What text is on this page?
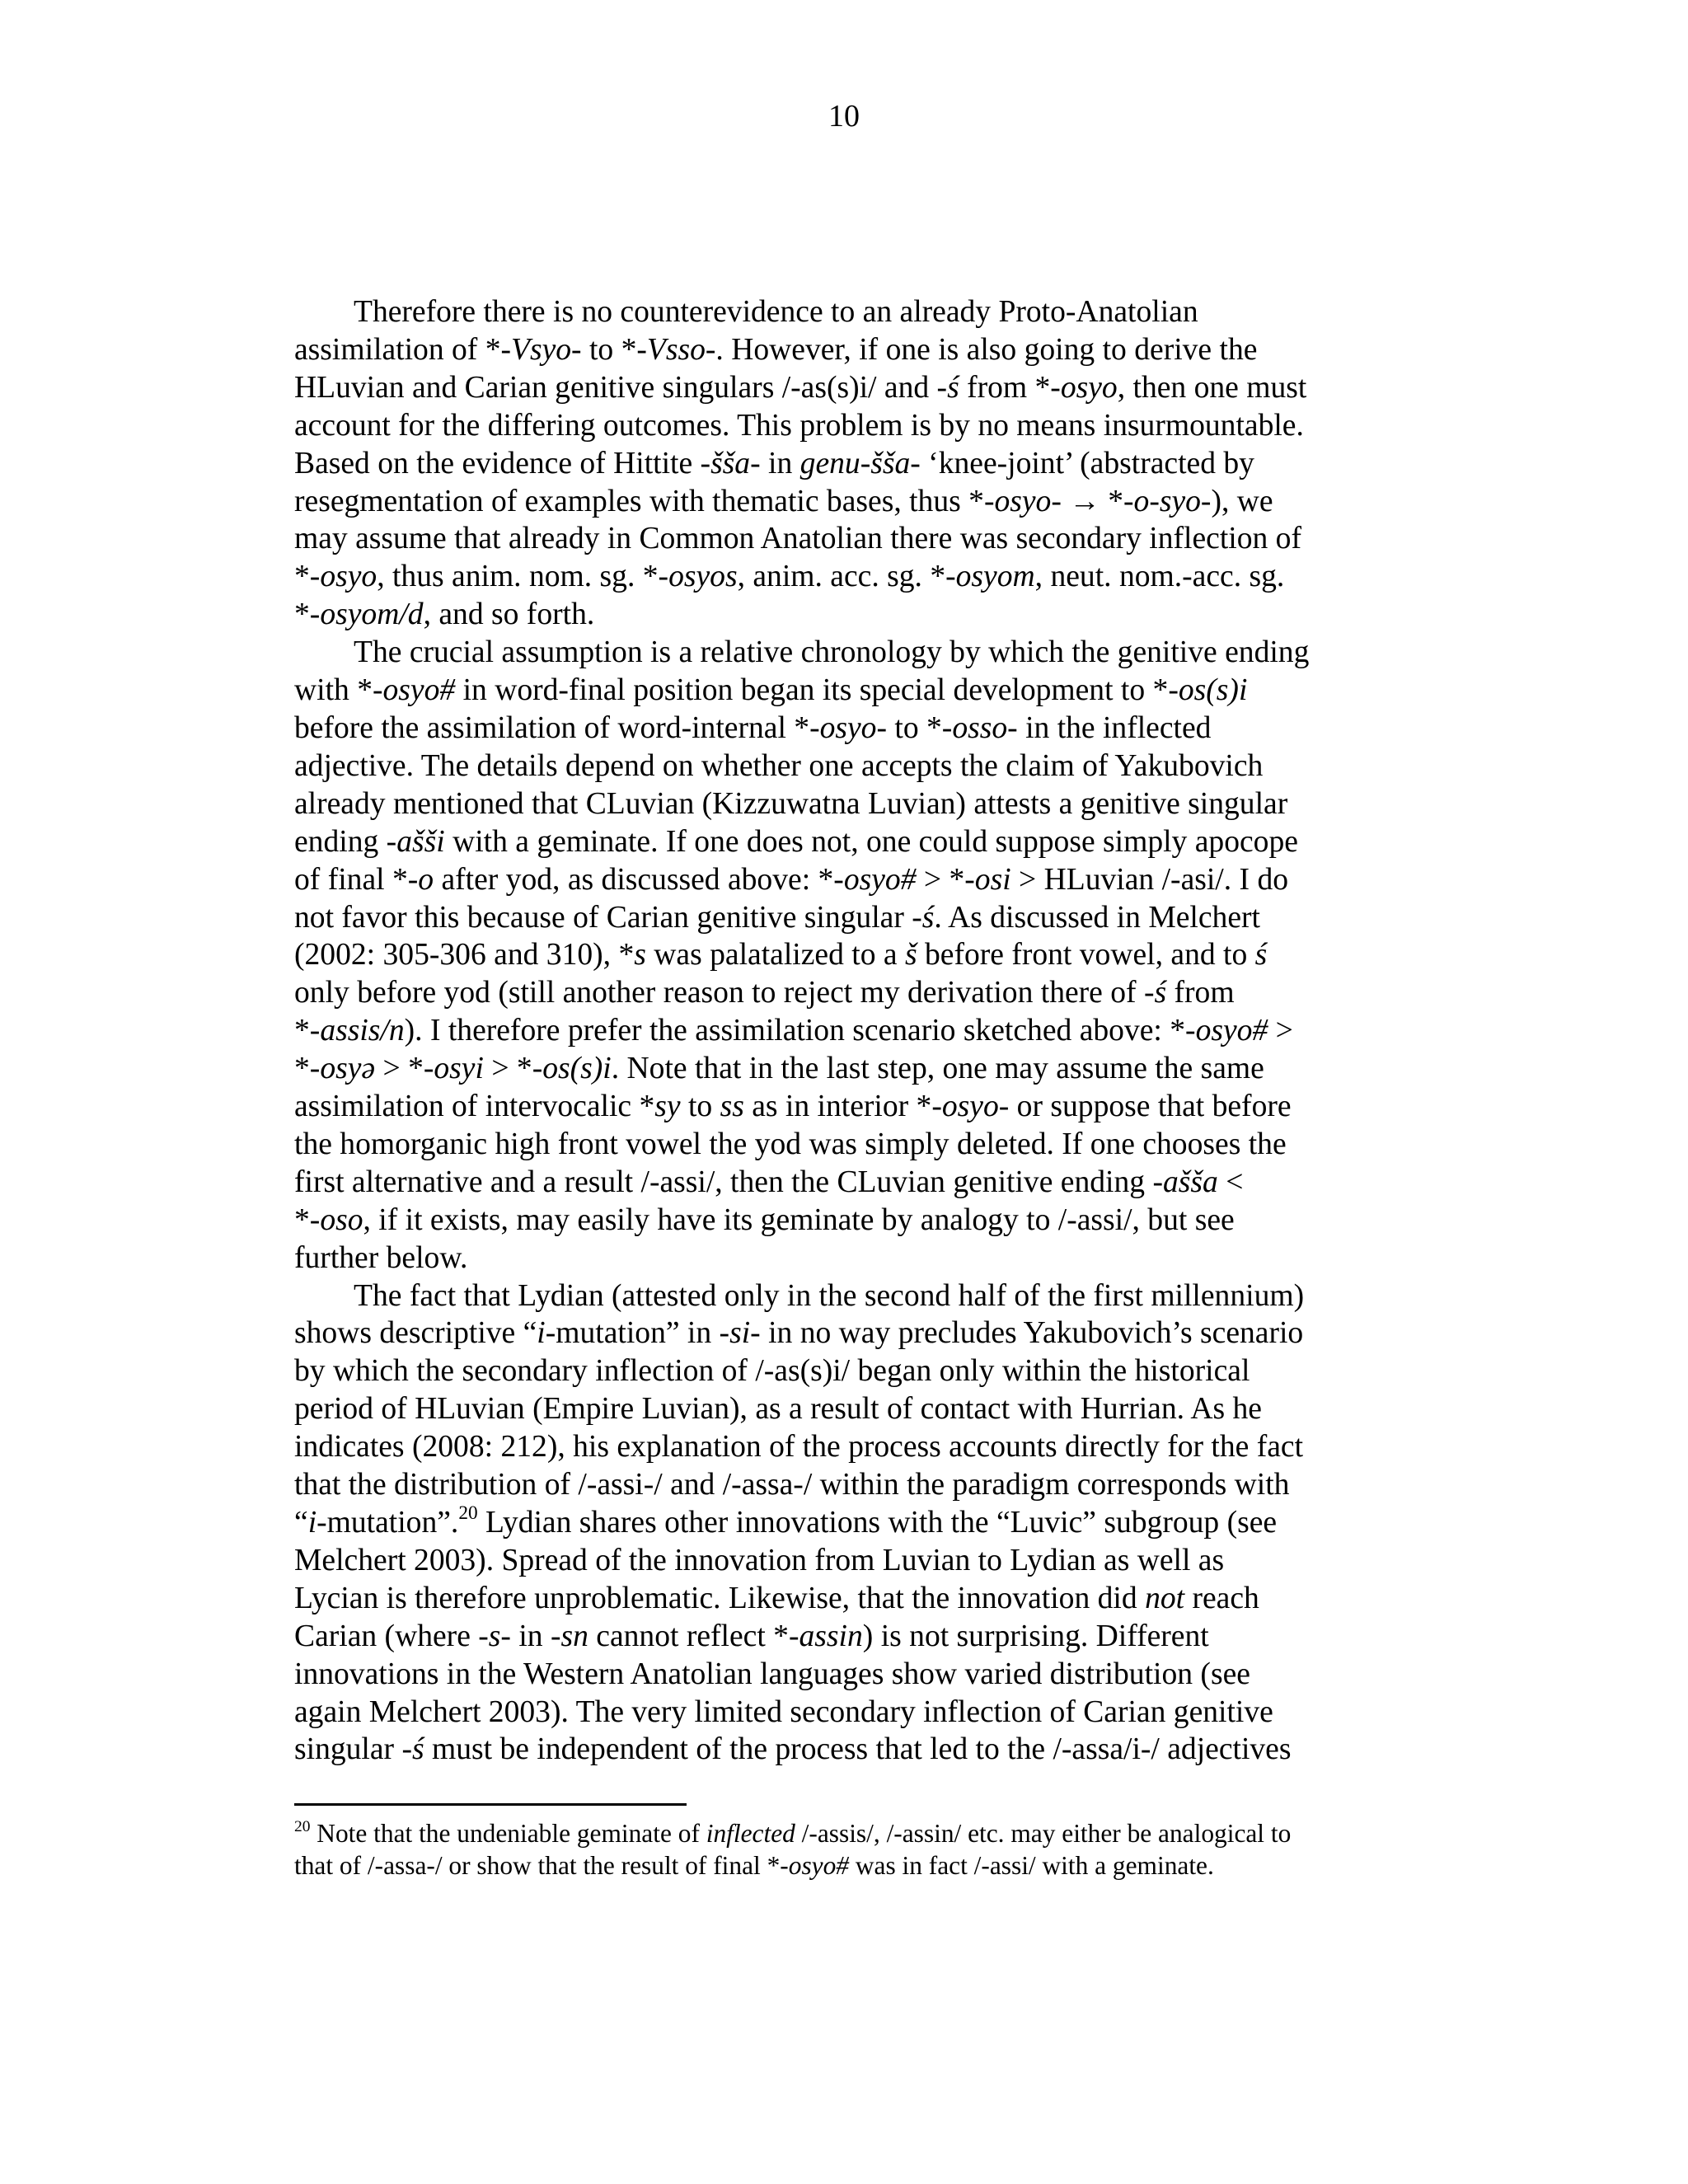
10
Therefore there is no counterevidence to an already Proto-Anatolian
assimilation of *-Vsyo- to *-Vsso-. However, if one is also going to derive the
HLuvian and Carian genitive singulars /-as(s)i/ and -ś from *-osyo, then one must
account for the differing outcomes. This problem is by no means insurmountable.
Based on the evidence of Hittite -šša- in genu-šša- ‘knee-joint’ (abstracted by
resegmentation of examples with thematic bases, thus *-osyo- → *-o-syo-), we
may assume that already in Common Anatolian there was secondary inflection of
*-osyo, thus anim. nom. sg. *-osyos, anim. acc. sg. *-osyom, neut. nom.-acc. sg.
*-osyom/d, and so forth.
The crucial assumption is a relative chronology by which the genitive ending
with *-osyo# in word-final position began its special development to *-os(s)i
before the assimilation of word-internal *-osyo- to *-osso- in the inflected
adjective. The details depend on whether one accepts the claim of Yakubovich
already mentioned that CLuvian (Kizzuwatna Luvian) attests a genitive singular
ending -ašši with a geminate. If one does not, one could suppose simply apocope
of final *-o after yod, as discussed above: *-osyo# > *-osi > HLuvian /-asi/. I do
not favor this because of Carian genitive singular -ś. As discussed in Melchert
(2002: 305-306 and 310), *s was palatalized to a š before front vowel, and to ś
only before yod (still another reason to reject my derivation there of -ś from
*-assis/n). I therefore prefer the assimilation scenario sketched above: *-osyo# >
*-osyə > *-osyi > *-os(s)i. Note that in the last step, one may assume the same
assimilation of intervocalic *sy to ss as in interior *-osyo- or suppose that before
the homorganic high front vowel the yod was simply deleted. If one chooses the
first alternative and a result /-assi/, then the CLuvian genitive ending -ašša <
*-oso, if it exists, may easily have its geminate by analogy to /-assi/, but see
further below.
The fact that Lydian (attested only in the second half of the first millennium)
shows descriptive “i-mutation” in -si- in no way precludes Yakubovich’s scenario
by which the secondary inflection of /-as(s)i/ began only within the historical
period of HLuvian (Empire Luvian), as a result of contact with Hurrian. As he
indicates (2008: 212), his explanation of the process accounts directly for the fact
that the distribution of /-assi-/ and /-assa-/ within the paradigm corresponds with
“i-mutation”.$^{20}$ Lydian shares other innovations with the “Luvic” subgroup (see
Melchert 2003). Spread of the innovation from Luvian to Lydian as well as
Lycian is therefore unproblematic. Likewise, that the innovation did not reach
Carian (where -s- in -sn cannot reflect *-assin) is not surprising. Different
innovations in the Western Anatolian languages show varied distribution (see
again Melchert 2003). The very limited secondary inflection of Carian genitive
singular -ś must be independent of the process that led to the /-assa/i-/ adjectives
$^{20}$ Note that the undeniable geminate of inflected /-assis/, /-assin/ etc. may either be analogical to
that of /-assa-/ or show that the result of final *-osyo# was in fact /-assi/ with a geminate.
